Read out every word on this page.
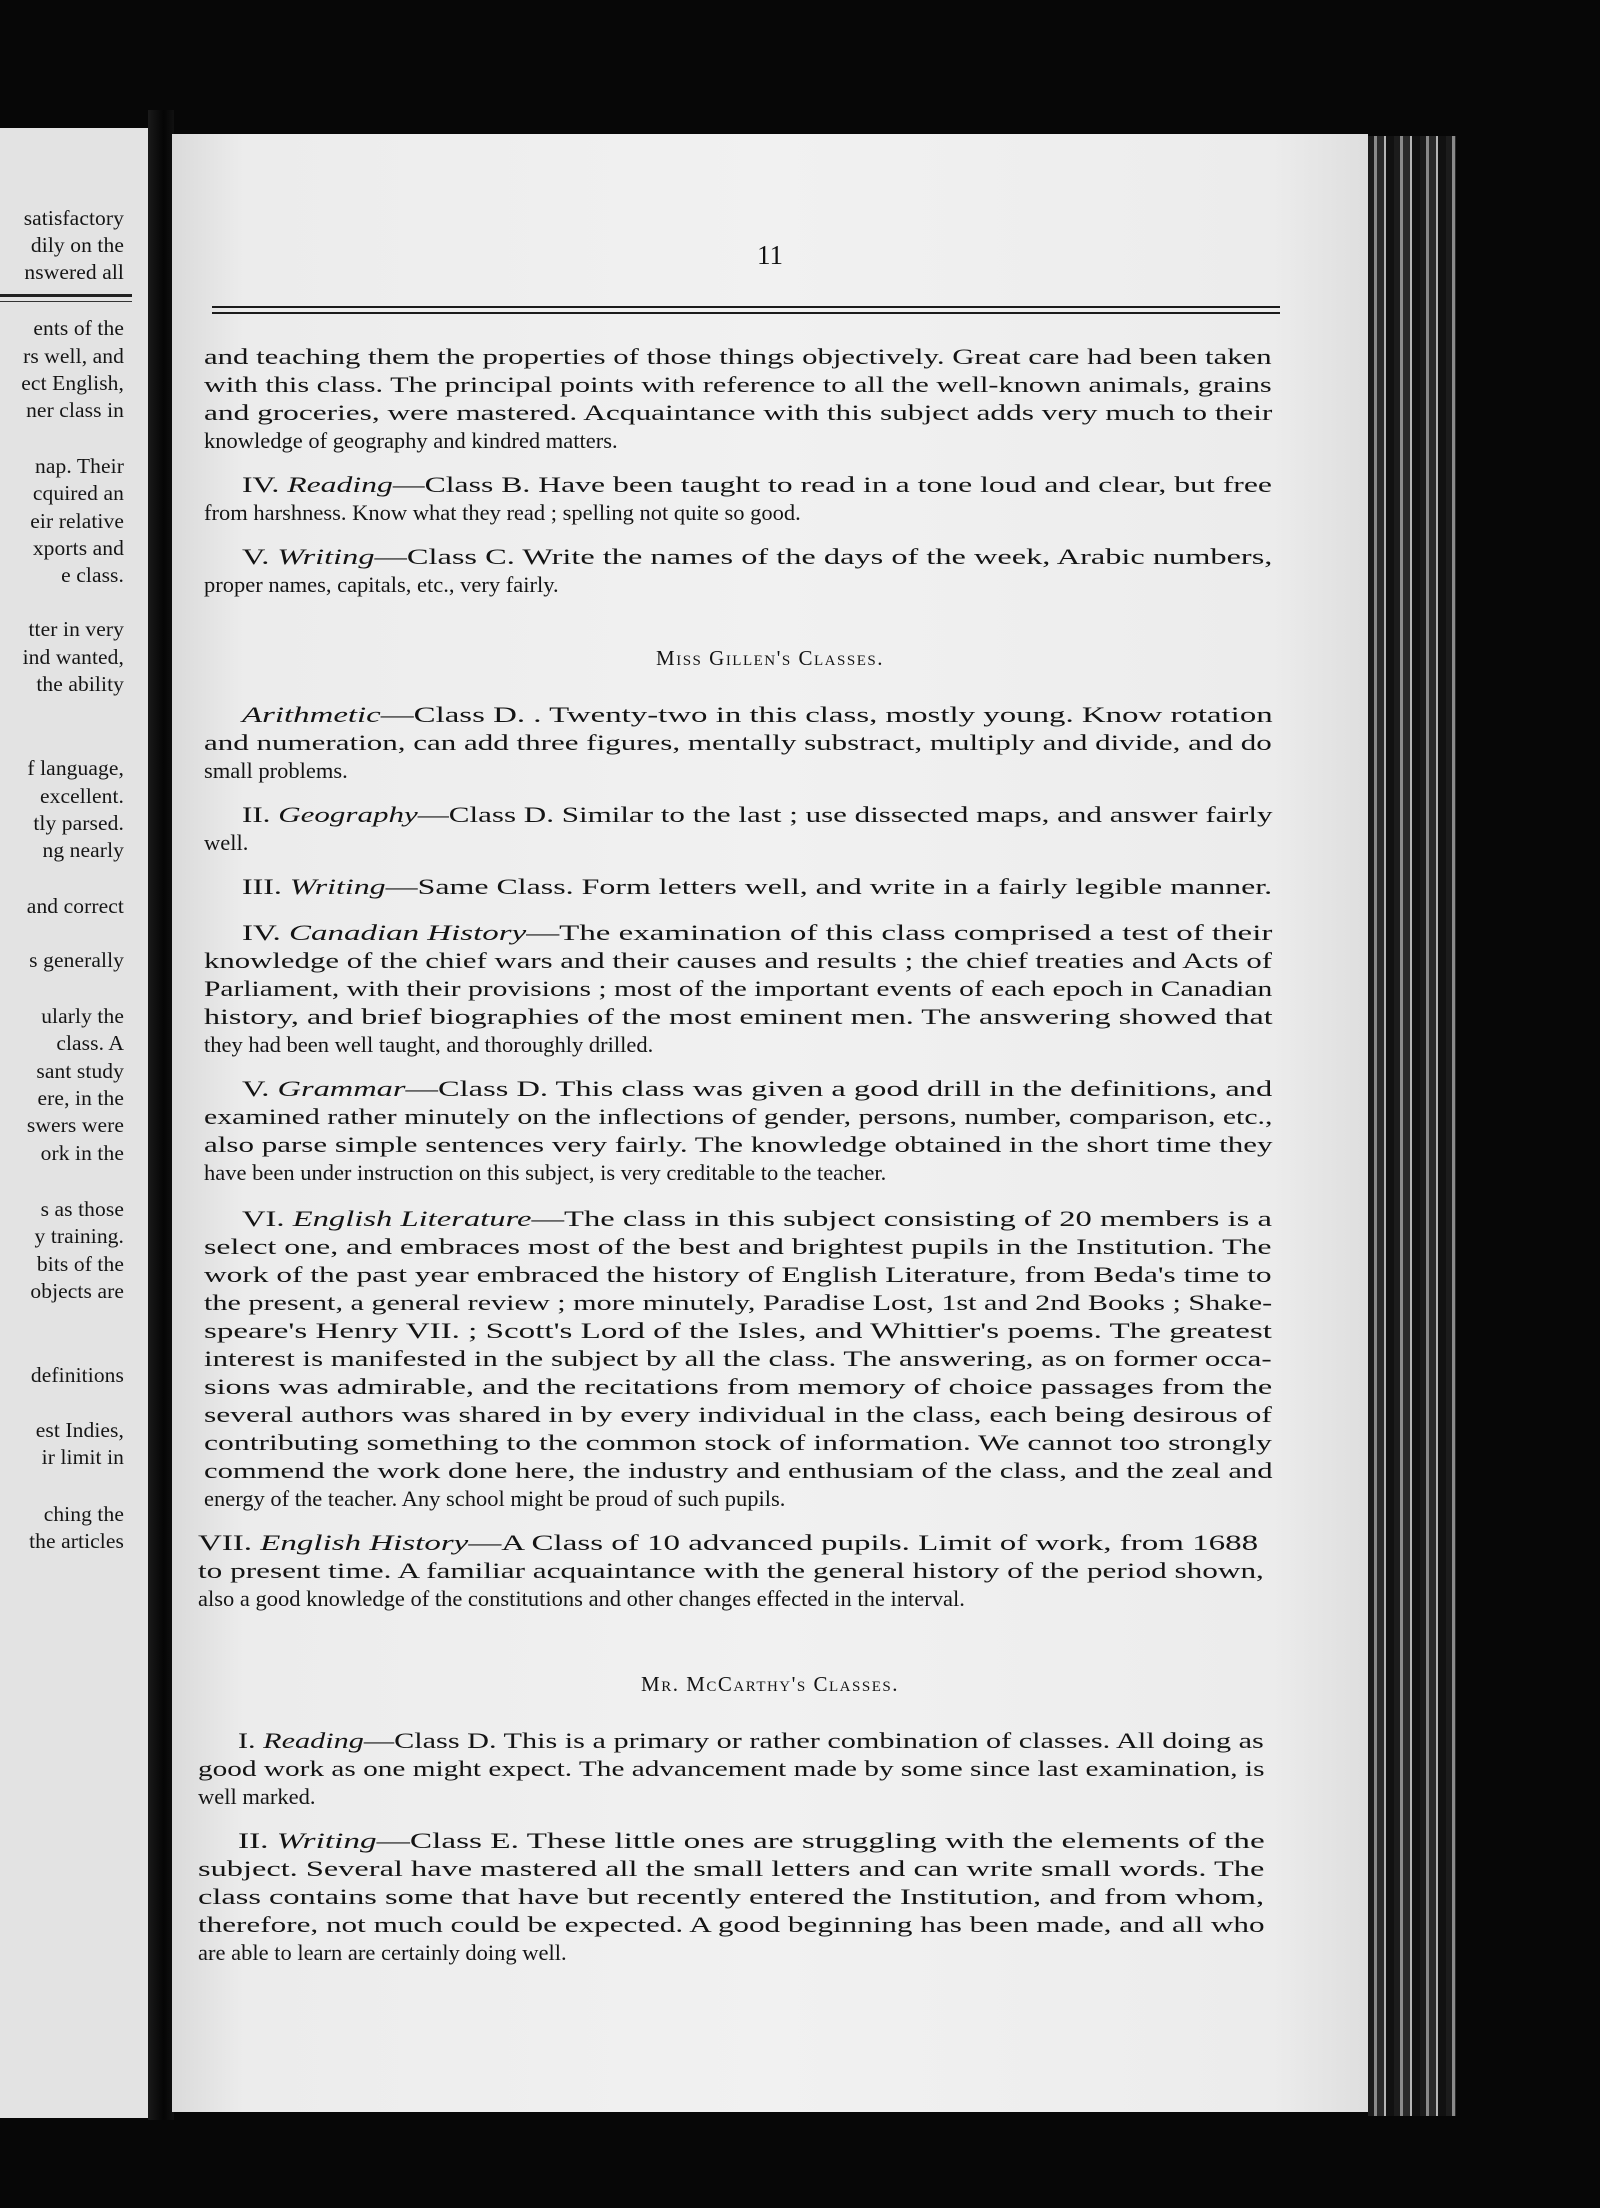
satisfactory
dily on the
nswered all
ents of the
rs well, and
ect English,
ner class in
nap. Their
cquired an
eir relative
xports and
e class.
tter in very
ind wanted,
the ability
f language,
excellent.
tly parsed.
ng nearly
and correct
s generally
ularly the
class. A
sant study
ere, in the
swers were
ork in the
s as those
y training.
bits of the
objects are
definitions
est Indies,
ir limit in
ching the
the articles
11
and teaching them the properties of those things objectively. Great care had been taken
with this class. The principal points with reference to all the well-known animals, grains
and groceries, were mastered. Acquaintance with this subject adds very much to their
knowledge of geography and kindred matters.
IV. Reading—Class B. Have been taught to read in a tone loud and clear, but free
from harshness. Know what they read ; spelling not quite so good.
V. Writing—Class C. Write the names of the days of the week, Arabic numbers,
proper names, capitals, etc., very fairly.
Arithmetic—Class D. . Twenty-two in this class, mostly young. Know rotation
and numeration, can add three figures, mentally substract, multiply and divide, and do
small problems.
II. Geography—Class D. Similar to the last ; use dissected maps, and answer fairly
well.
III. Writing—Same Class. Form letters well, and write in a fairly legible manner.
IV. Canadian History—The examination of this class comprised a test of their
knowledge of the chief wars and their causes and results ; the chief treaties and Acts of
Parliament, with their provisions ; most of the important events of each epoch in Canadian
history, and brief biographies of the most eminent men. The answering showed that
they had been well taught, and thoroughly drilled.
V. Grammar—Class D. This class was given a good drill in the definitions, and
examined rather minutely on the inflections of gender, persons, number, comparison, etc.,
also parse simple sentences very fairly. The knowledge obtained in the short time they
have been under instruction on this subject, is very creditable to the teacher.
VI. English Literature—The class in this subject consisting of 20 members is a
select one, and embraces most of the best and brightest pupils in the Institution. The
work of the past year embraced the history of English Literature, from Beda's time to
the present, a general review ; more minutely, Paradise Lost, 1st and 2nd Books ; Shake-
speare's Henry VII. ; Scott's Lord of the Isles, and Whittier's poems. The greatest
interest is manifested in the subject by all the class. The answering, as on former occa-
sions was admirable, and the recitations from memory of choice passages from the
several authors was shared in by every individual in the class, each being desirous of
contributing something to the common stock of information. We cannot too strongly
commend the work done here, the industry and enthusiam of the class, and the zeal and
energy of the teacher. Any school might be proud of such pupils.
VII. English History—A Class of 10 advanced pupils. Limit of work, from 1688
to present time. A familiar acquaintance with the general history of the period shown,
also a good knowledge of the constitutions and other changes effected in the interval.
I. Reading—Class D. This is a primary or rather combination of classes. All doing as
good work as one might expect. The advancement made by some since last examination, is
well marked.
II. Writing—Class E. These little ones are struggling with the elements of the
subject. Several have mastered all the small letters and can write small words. The
class contains some that have but recently entered the Institution, and from whom,
therefore, not much could be expected. A good beginning has been made, and all who
are able to learn are certainly doing well.
Miss Gillen's Classes.
Mr. McCarthy's Classes.
